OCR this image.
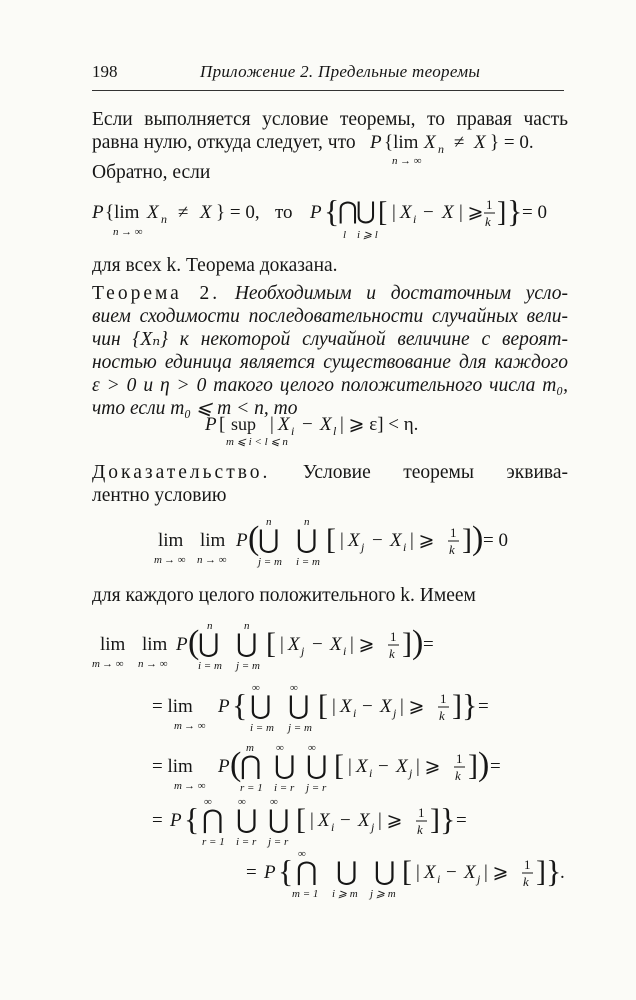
198	Приложение 2. Предельные теоремы
Если выполняется условие теоремы, то правая часть
равна нулю, откуда следует, что P {lim X n ≠ X } = 0.
n → ∞
Обратно, если
P {lim X n ≠ X } = 0,
n → ∞
то P {
⋂
⋃
l i ⩾ l
[ | X i − X | ⩾ 1
k ] } = 0
для всех k. Теорема доказана.
Теорема 2. Необходимым и достаточным усло-
вием сходимости последовательности случайных вели-
чин {Xₙ} к некоторой случайной величине с вероят-
ностью единица является существование для каждого
ε > 0 и η > 0 такого целого положительного числа m₀,
что если m₀ ⩽ m < n, то
P [ sup
m ⩽ i < l ⩽ n
| X i − X l | ⩾ ε] < η.
Доказательство. Условие теоремы эквива-
лентно условию
lim
m → ∞
lim
n → ∞
P (
⋃
n
j = m
⋃
n
i = m
[ | X j − X i | ⩾ 1
k ] ) = 0
для каждого целого положительного k. Имеем
lim
m → ∞
lim
n → ∞
P (
⋃
n
i = m
⋃
n
j = m
[ | X j − X i | ⩾ 1
k ] ) =
= lim
m → ∞
P { ⋃
∞
i = m
⋃
∞
j = m
[ | X i − X j | ⩾ 1
k ] } =
= lim
m → ∞
P (
⋂
m
r = 1
⋃
∞
i = r
⋃
∞
j = r
[ | X i − X j | ⩾ 1
k ] ) =
= P { ⋂
∞
r = 1
⋃
∞
i = r
⋃
∞
j = r
[ | X i − X j | ⩾ 1
k ] } =
= P { ⋂
∞
m = 1
⋃
i ⩾ m
⋃
j ⩾ m
[ | X i − X j | ⩾ 1
k ] }
.
